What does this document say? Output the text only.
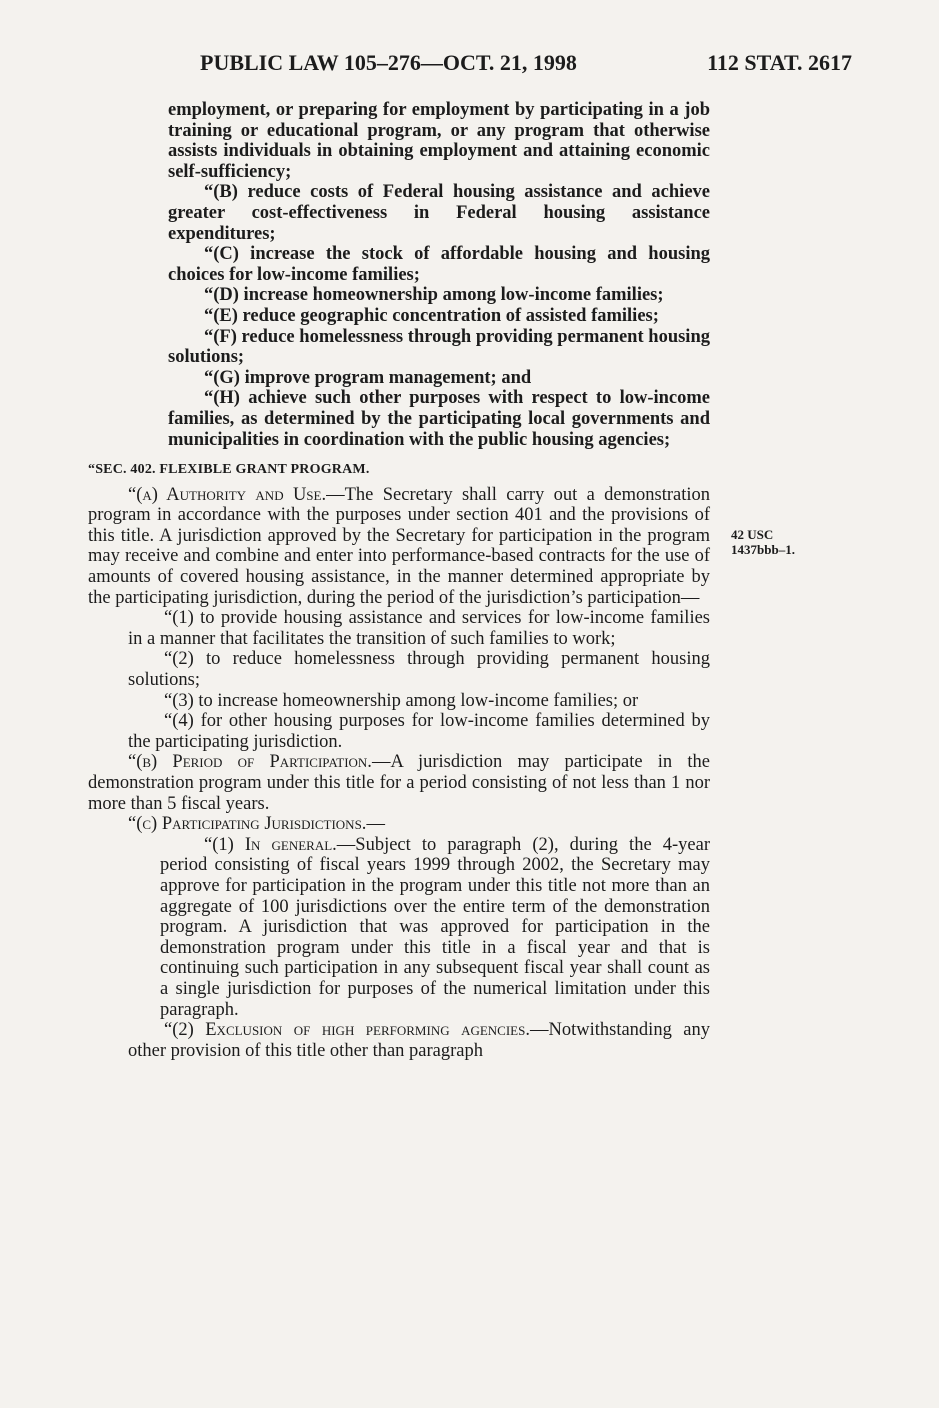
PUBLIC LAW 105–276—OCT. 21, 1998	112 STAT. 2617
42 USC
1437bbb–1.

employment, or preparing for employment by participating in a job training or educational program, or any program that otherwise assists individuals in obtaining employment and attaining economic self-sufficiency;

“(B) reduce costs of Federal housing assistance and achieve greater cost-effectiveness in Federal housing assistance expenditures;

“(C) increase the stock of affordable housing and housing choices for low-income families;

“(D) increase homeownership among low-income families;

“(E) reduce geographic concentration of assisted families;

“(F) reduce homelessness through providing permanent housing solutions;

“(G) improve program management; and

“(H) achieve such other purposes with respect to low-income families, as determined by the participating local governments and municipalities in coordination with the public housing agencies;

“SEC. 402. FLEXIBLE GRANT PROGRAM.

“(a) Authority and Use.—The Secretary shall carry out a demonstration program in accordance with the purposes under section 401 and the provisions of this title. A jurisdiction approved by the Secretary for participation in the program may receive and combine and enter into performance-based contracts for the use of amounts of covered housing assistance, in the manner determined appropriate by the participating jurisdiction, during the period of the jurisdiction’s participation—

“(1) to provide housing assistance and services for low-income families in a manner that facilitates the transition of such families to work;

“(2) to reduce homelessness through providing permanent housing solutions;

“(3) to increase homeownership among low-income families; or

“(4) for other housing purposes for low-income families determined by the participating jurisdiction.

“(b) Period of Participation.—A jurisdiction may participate in the demonstration program under this title for a period consisting of not less than 1 nor more than 5 fiscal years.

“(c) Participating Jurisdictions.—

“(1) In general.—Subject to paragraph (2), during the 4-year period consisting of fiscal years 1999 through 2002, the Secretary may approve for participation in the program under this title not more than an aggregate of 100 jurisdictions over the entire term of the demonstration program. A jurisdiction that was approved for participation in the demonstration program under this title in a fiscal year and that is continuing such participation in any subsequent fiscal year shall count as a single jurisdiction for purposes of the numerical limitation under this paragraph.

“(2) Exclusion of high performing agencies.—Notwithstanding any other provision of this title other than paragraph
